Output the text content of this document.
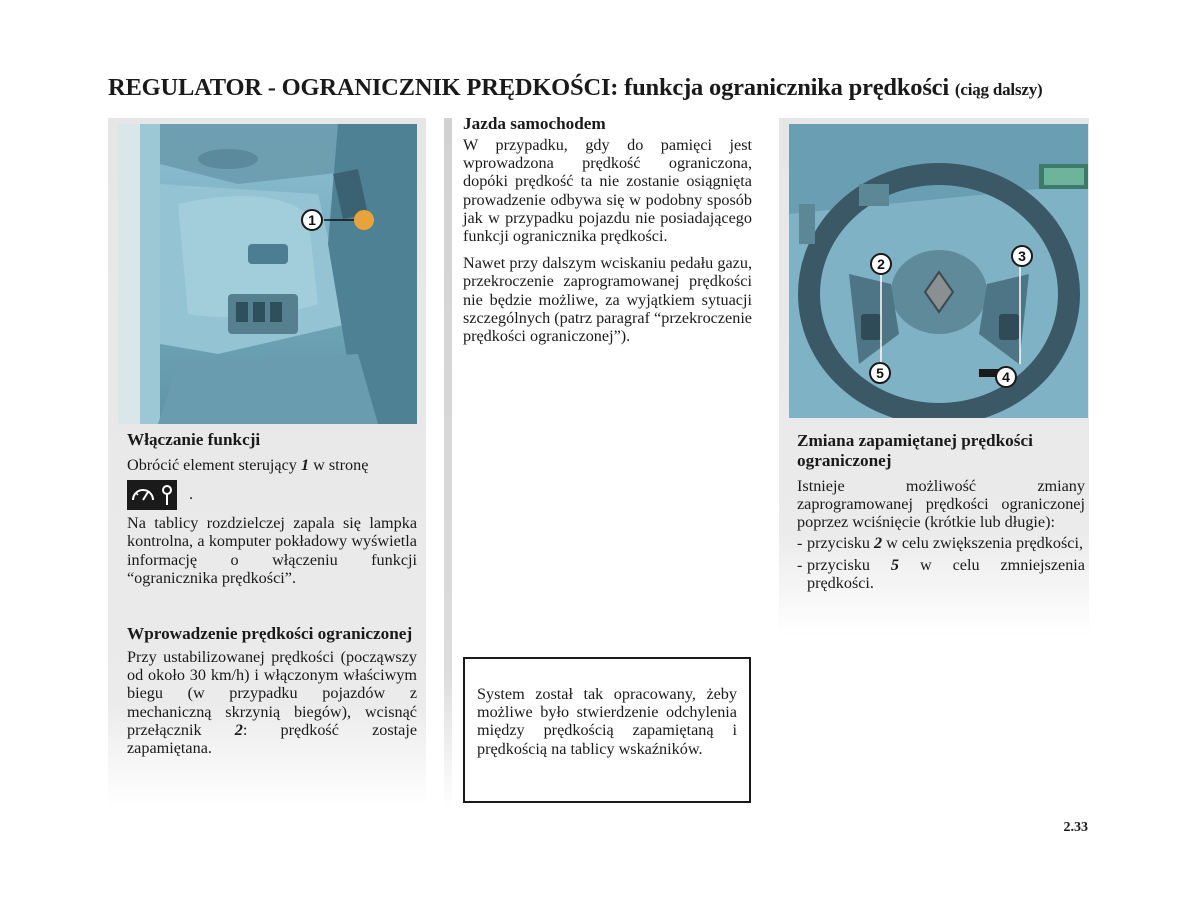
REGULATOR - OGRANICZNIK PRĘDKOŚCI: funkcja ogranicznika prędkości (ciąg dalszy)
1
2	3
5	4
Włączanie funkcji
Obrócić element sterujący 1 w stronę
.
Na tablicy rozdzielczej zapala się lampka kontrolna, a komputer pokładowy wyświetla informację o włączeniu funkcji “ogranicznika prędkości”.
Wprowadzenie prędkości ograniczonej
Przy ustabilizowanej prędkości (począwszy od około 30 km/h) i włączonym właściwym biegu (w przypadku pojazdów z mechaniczną skrzynią biegów), wcisnąć przełącznik 2: prędkość zostaje zapamiętana.
Jazda samochodem
W przypadku, gdy do pamięci jest wprowadzona prędkość ograniczona, dopóki prędkość ta nie zostanie osiągnięta prowadzenie odbywa się w podobny sposób jak w przypadku pojazdu nie posiadającego funkcji ogranicznika prędkości.
Nawet przy dalszym wciskaniu pedału gazu, przekroczenie zaprogramowanej prędkości nie będzie możliwe, za wyjątkiem sytuacji szczególnych (patrz paragraf “przekroczenie prędkości ograniczonej”).
System został tak opracowany, żeby możliwe było stwierdzenie odchylenia między prędkością zapamiętaną i prędkością na tablicy wskaźników.
Zmiana zapamiętanej prędkości ograniczonej
Istnieje możliwość zmiany zaprogramowanej prędkości ograniczonej poprzez wciśnięcie (krótkie lub długie):
- przycisku 2 w celu zwiększenia prędkości,
- przycisku 5 w celu zmniejszenia prędkości.
2.33
